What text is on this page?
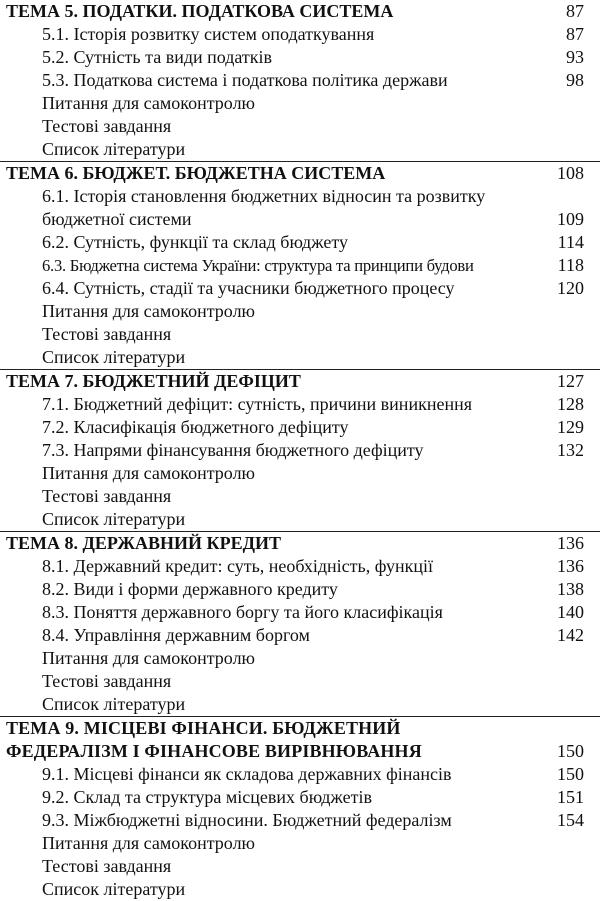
ТЕМА 5. ПОДАТКИ. ПОДАТКОВА СИСТЕМА	87
5.1. Історія розвитку систем оподаткування	87
5.2. Сутність та види податків	93
5.3. Податкова система і податкова політика держави	98
Питання для самоконтролю
Тестові завдання
Список літератури
ТЕМА 6. БЮДЖЕТ. БЮДЖЕТНА СИСТЕМА	108
6.1. Історія становлення бюджетних відносин та розвитку
бюджетної системи	109
6.2. Сутність, функції та склад бюджету	114
6.3. Бюджетна система України: структура та принципи будови	118
6.4. Сутність, стадії та учасники бюджетного процесу	120
Питання для самоконтролю
Тестові завдання
Список літератури
ТЕМА 7. БЮДЖЕТНИЙ ДЕФІЦИТ	127
7.1. Бюджетний дефіцит: сутність, причини виникнення	128
7.2. Класифікація бюджетного дефіциту	129
7.3. Напрями фінансування бюджетного дефіциту	132
Питання для самоконтролю
Тестові завдання
Список літератури
ТЕМА 8. ДЕРЖАВНИЙ КРЕДИТ	136
8.1. Державний кредит: суть, необхідність, функції	136
8.2. Види і форми державного кредиту	138
8.3. Поняття державного боргу та його класифікація	140
8.4. Управління державним боргом	142
Питання для самоконтролю
Тестові завдання
Список літератури
ТЕМА 9. МІСЦЕВІ ФІНАНСИ. БЮДЖЕТНИЙ
ФЕДЕРАЛІЗМ І ФІНАНСОВЕ ВИРІВНЮВАННЯ	150
9.1. Місцеві фінанси як складова державних фінансів	150
9.2. Склад та структура місцевих бюджетів	151
9.3. Міжбюджетні відносини. Бюджетний федералізм	154
Питання для самоконтролю
Тестові завдання
Список літератури
